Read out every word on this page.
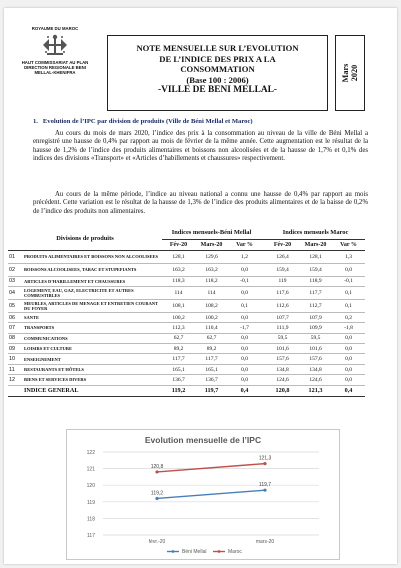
ROYAUME DU MAROC
HAUT COMMISSARIAT AU PLAN
DIRECTION REGIONALE BENI
MELLAL-KHENIFRA
NOTE MENSUELLE SUR L’EVOLUTION
DE L’INDICE DES PRIX A LA
CONSOMMATION
(Base 100 : 2006)
-VILLE DE BENI MELLAL-
Mars 2020
1. Evolution de l’IPC par division de produits (Ville de Béni Mellal et Maroc)

Au cours du mois de mars 2020, l’indice des prix à la consommation au niveau de la ville de Béni Mellal a enregistré une hausse de 0,4% par rapport au mois de février de la même année. Cette augmentation est le résultat de la hausse de 1,2% de l’indice des produits alimentaires et boissons non alcoolisées et de la hausse de 1,7% et 0,1% des indices des divisions «Transport» et «Articles d’habillements et chaussures» respectivement.

Au cours de la même période, l’indice au niveau national a connu une hausse de 0,4% par rapport au mois précédent. Cette variation est le résultat de la hausse de 1,3% de l’indice des produits alimentaires et de la baisse de 0,2% de l’indice des produits non alimentaires.

Divisions de produits		Indices mensuels-Béni Mellal				Indices mensuels Maroc		
		Fév-20	Mars-20	Var %		Fév-20	Mars-20	Var %
01	PRODUITS ALIMENTAIRES ET BOISSONS NON ALCOOLISEES	128,1	129,6	1,2		126,4	128,1	1,3
02	BOISSONS ALCOOLISEES, TABAC ET STUPEFIANTS	163,2	163,2	0,0		159,4	159,4	0,0
03	ARTICLES D’HABILLEMENT ET CHAUSSURES	118,3	118,2	-0,1		119	118,9	-0,1
04	LOGEMENT, EAU, GAZ, ELECTRICITE ET AUTRES COMBUSTIBLES	114	114	0,0		117,6	117,7	0,1
05	MEUBLES, ARTICLES DE MENAGE ET ENTRETIEN COURANT DU FOYER	108,1	108,2	0,1		112,6	112,7	0,1
06	SANTE	100,2	100,2	0,0		107,7	107,9	0,2
07	TRANSPORTS	112,3	110,4	-1,7		111,9	109,9	-1,8
08	COMMUNICATIONS	62,7	62,7	0,0		59,5	59,5	0,0
09	LOISIRS ET CULTURE	89,2	89,2	0,0		101,6	101,6	0,0
10	ENSEIGNEMENT	117,7	117,7	0,0		157,6	157,6	0,0
11	RESTAURANTS ET HÔTELS	165,1	165,1	0,0		134,8	134,8	0,0
12	BIENS ET SERVICES DIVERS	136,7	136,7	0,0		124,6	124,6	0,0
	INDICE GENERAL	119,2	119,7	0,4		120,8	121,3	0,4
Evolution mensuelle de l’IPC
117
118
119
120
121
122
févr.-20	mars-20
119,2
119,7
120,8
121,3
Béni Mellal	Maroc
